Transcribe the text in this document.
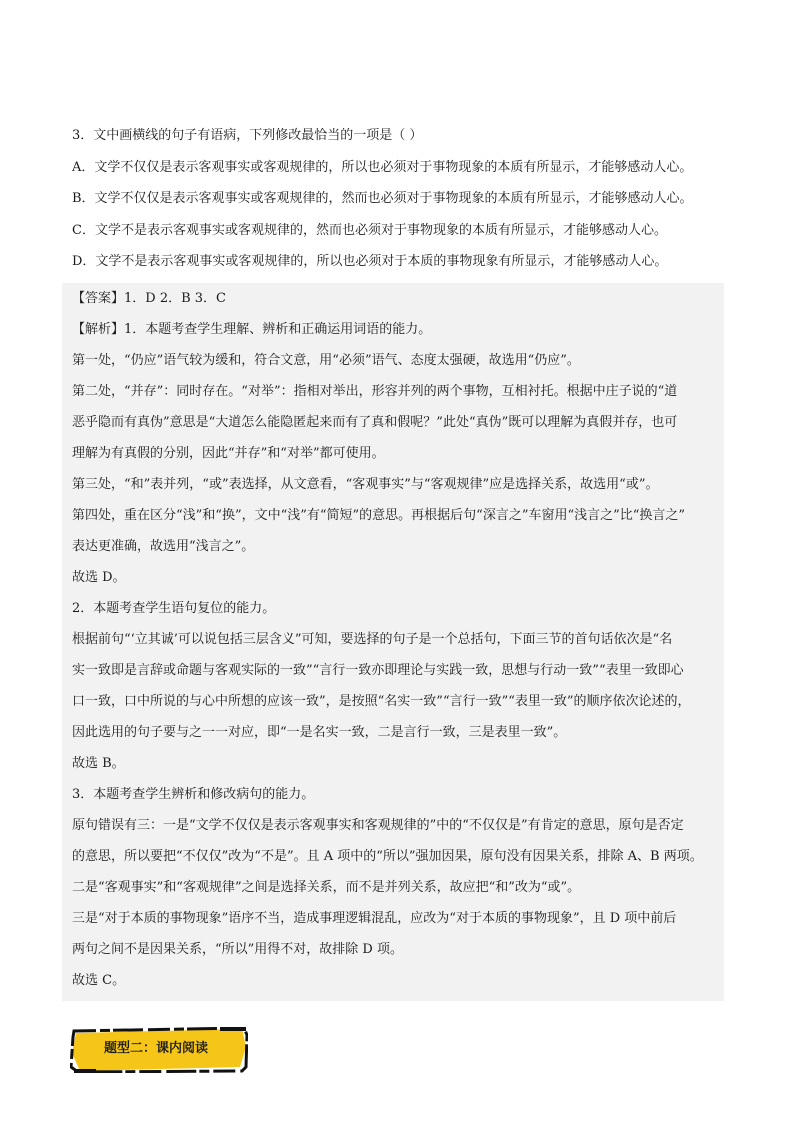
3．文中画横线的句子有语病，下列修改最恰当的一项是（ ）
A．文学不仅仅是表示客观事实或客观规律的，所以也必须对于事物现象的本质有所显示，才能够感动人心。
B．文学不仅仅是表示客观事实或客观规律的，然而也必须对于事物现象的本质有所显示，才能够感动人心。
C．文学不是表示客观事实或客观规律的，然而也必须对于事物现象的本质有所显示，才能够感动人心。
D．文学不是表示客观事实或客观规律的，所以也必须对于本质的事物现象有所显示，才能够感动人心。
【答案】1．D 2．B 3．C
【解析】1．本题考查学生理解、辨析和正确运用词语的能力。
第一处，“仍应”语气较为缓和，符合文意，用“必须”语气、态度太强硬，故选用“仍应”。
第二处，“并存”：同时存在。“对举”：指相对举出，形容并列的两个事物，互相衬托。根据中庄子说的“道
恶乎隐而有真伪”意思是“大道怎么能隐匿起来而有了真和假呢？”此处“真伪”既可以理解为真假并存，也可
理解为有真假的分别，因此“并存”和“对举”都可使用。
第三处，“和”表并列，“或”表选择，从文意看，“客观事实”与“客观规律”应是选择关系，故选用“或”。
第四处，重在区分“浅”和“换”，文中“浅”有“简短”的意思。再根据后句“深言之”车窗用“浅言之”比“换言之”
表达更准确，故选用“浅言之”。
故选 D。
2．本题考查学生语句复位的能力。
根据前句“‘立其诚’可以说包括三层含义”可知，要选择的句子是一个总括句，下面三节的首句话依次是“名
实一致即是言辞或命题与客观实际的一致”“言行一致亦即理论与实践一致，思想与行动一致”“表里一致即心
口一致，口中所说的与心中所想的应该一致”，是按照“名实一致”“言行一致”“表里一致”的顺序依次论述的，
因此选用的句子要与之一一对应，即“一是名实一致，二是言行一致，三是表里一致”。
故选 B。
3．本题考查学生辨析和修改病句的能力。
原句错误有三：一是“文学不仅仅是表示客观事实和客观规律的”中的“不仅仅是”有肯定的意思，原句是否定
的意思，所以要把“不仅仅”改为“不是”。且 A 项中的“所以”强加因果，原句没有因果关系，排除 A、B 两项。
二是“客观事实”和“客观规律”之间是选择关系，而不是并列关系，故应把“和”改为“或”。
三是“对于本质的事物现象”语序不当，造成事理逻辑混乱，应改为“对于本质的事物现象”，且 D 项中前后
两句之间不是因果关系，“所以”用得不对，故排除 D 项。
故选 C。
题型二：课内阅读
